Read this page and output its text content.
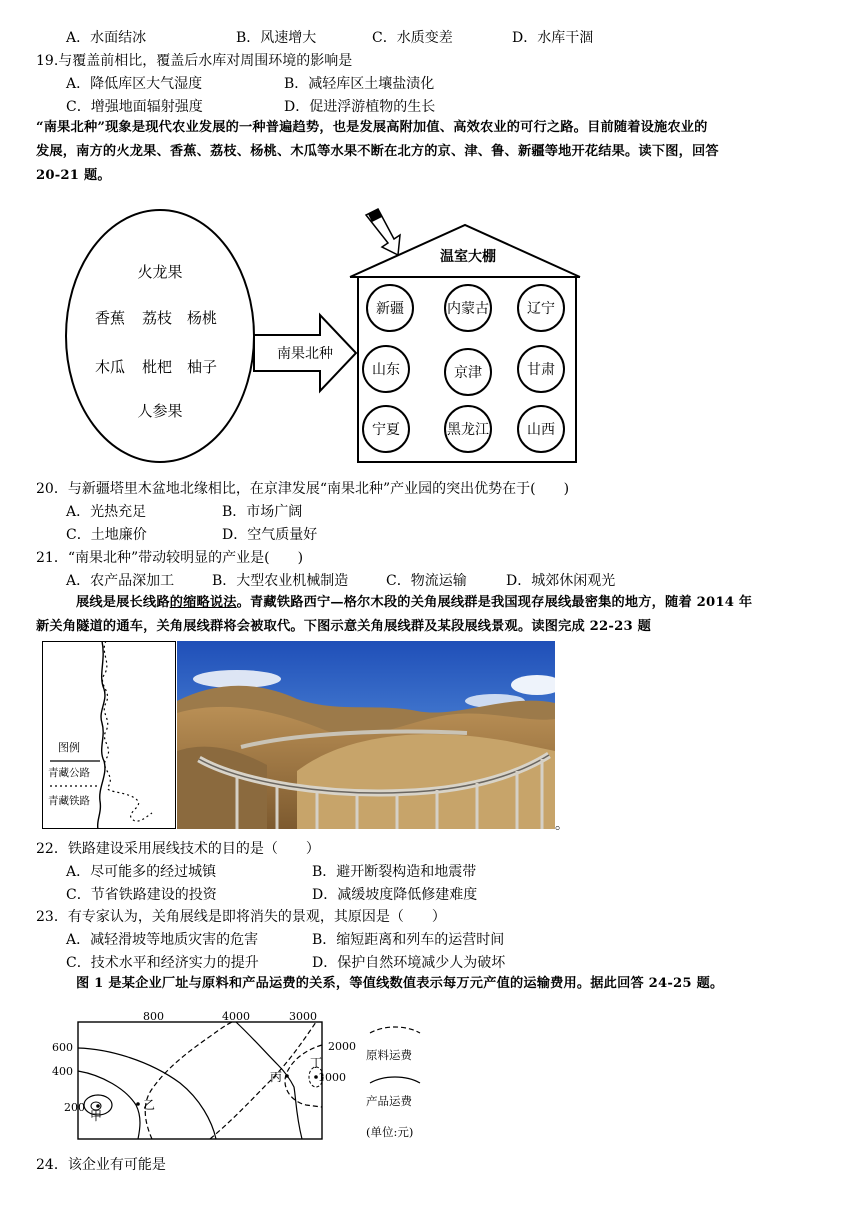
A．水面结冰	B．风速增大	C．水质变差	D．水库干涸
19.与覆盖前相比，覆盖后水库对周围环境的影响是
A．降低库区大气湿度	B．减轻库区土壤盐渍化
C．增强地面辐射强度	D．促进浮游植物的生长
“南果北种”现象是现代农业发展的一种普遍趋势，也是发展高附加值、高效农业的可行之路。目前随着设施农业的
发展，南方的火龙果、香蕉、荔枝、杨桃、木瓜等水果不断在北方的京、津、鲁、新疆等地开花结果。读下图，回答
20-21 题。
火龙果
香蕉 荔枝 杨桃
木瓜 枇杷 柚子
人参果
南果北种
温室大棚
新疆	内蒙古	辽宁
山东	京津	甘肃
宁夏	黑龙江	山西
20．与新疆塔里木盆地北缘相比，在京津发展“南果北种”产业园的突出优势在于(　　)
A．光热充足	B．市场广阔
C．土地廉价	D．空气质量好
21．“南果北种”带动较明显的产业是(　　)
A．农产品深加工	B．大型农业机械制造	C．物流运输	D．城郊休闲观光
展线是展长线路的缩略说法。青藏铁路西宁—格尔木段的关角展线群是我国现存展线最密集的地方，随着 2014 年
新关角隧道的通车，关角展线群将会被取代。下图示意关角展线群及某段展线景观。读图完成 22-23 题
图例
青藏公路
青藏铁路
。
22．铁路建设采用展线技术的目的是（　　）
A．尽可能多的经过城镇	B．避开断裂构造和地震带
C．节省铁路建设的投资	D．减缓坡度降低修建难度
23．有专家认为，关角展线是即将消失的景观，其原因是（　　）
A．减轻滑坡等地质灾害的危害	B．缩短距离和列车的运营时间
C．技术水平和经济实力的提升	D．保护自然环境减少人为破坏
图 1 是某企业厂址与原料和产品运费的关系，等值线数值表示每万元产值的运输费用。据此回答 24-25 题。
800	4000	3000
600
400
200
2000
1000
甲
乙
丙
丁
原料运费
产品运费
(单位:元)
24．该企业有可能是
